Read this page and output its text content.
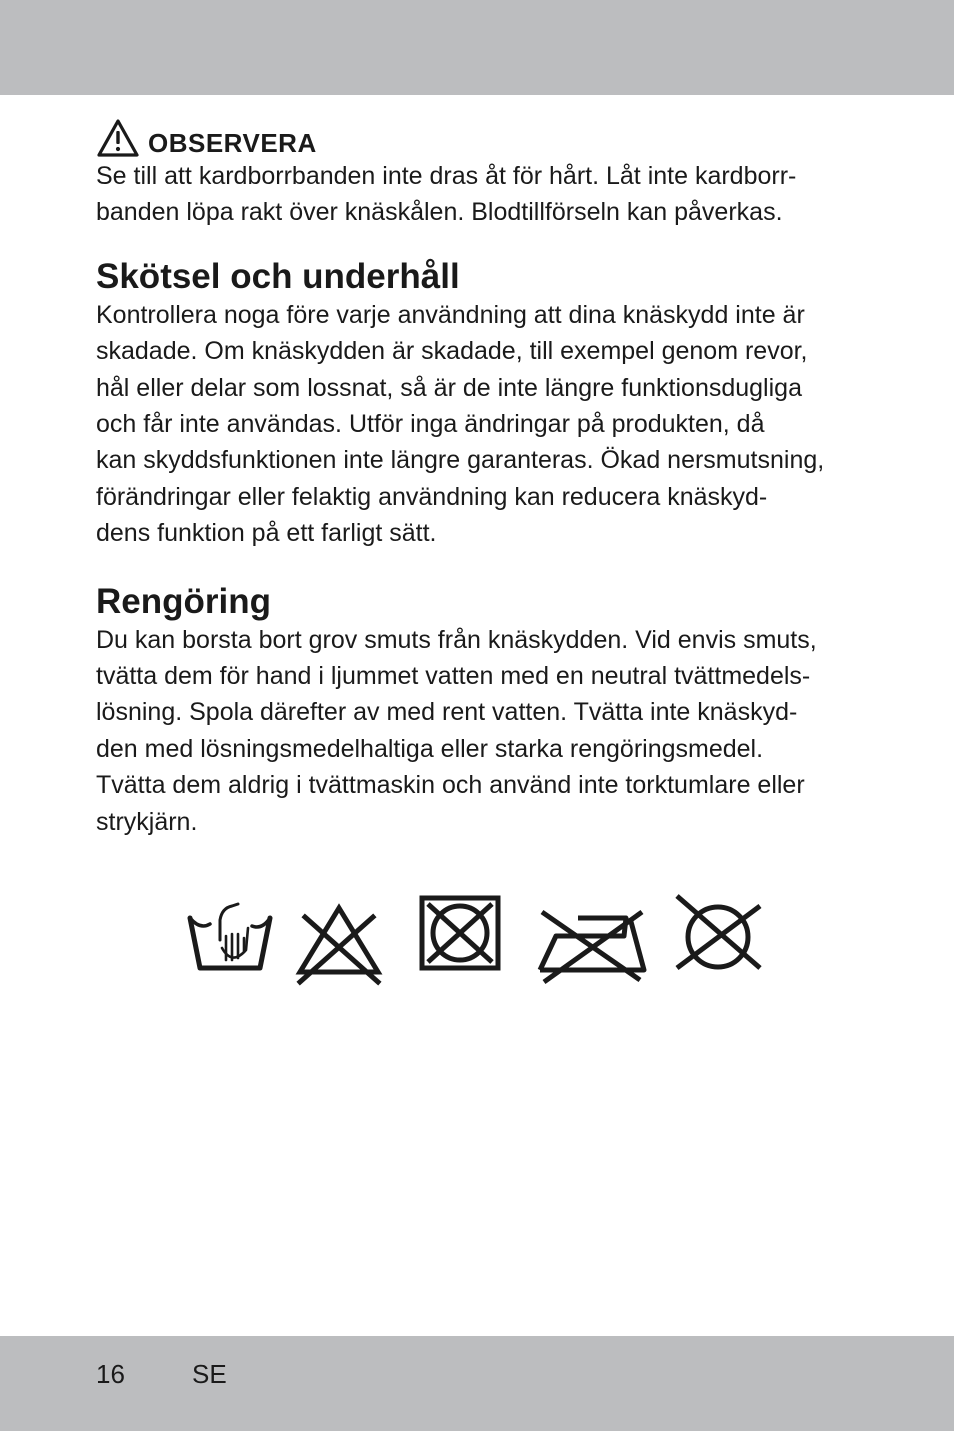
OBSERVERA

Se till att kardborrbanden inte dras åt för hårt. Låt inte kardborr-
banden löpa rakt över knäskålen. Blodtillförseln kan påverkas.

Skötsel och underhåll

Kontrollera noga före varje användning att dina knäskydd inte är
skadade. Om knäskydden är skadade, till exempel genom revor,
hål eller delar som lossnat, så är de inte längre funktionsdugliga
och får inte användas. Utför inga ändringar på produkten, då
kan skyddsfunktionen inte längre garanteras. Ökad nersmutsning,
förändringar eller felaktig användning kan reducera knäskyd-
dens funktion på ett farligt sätt.

Rengöring

Du kan borsta bort grov smuts från knäskydden. Vid envis smuts,
tvätta dem för hand i ljummet vatten med en neutral tvättmedels-
lösning. Spola därefter av med rent vatten. Tvätta inte knäskyd-
den med lösningsmedelhaltiga eller starka rengöringsmedel.
Tvätta dem aldrig i tvättmaskin och använd inte torktumlare eller
strykjärn.

16	SE
